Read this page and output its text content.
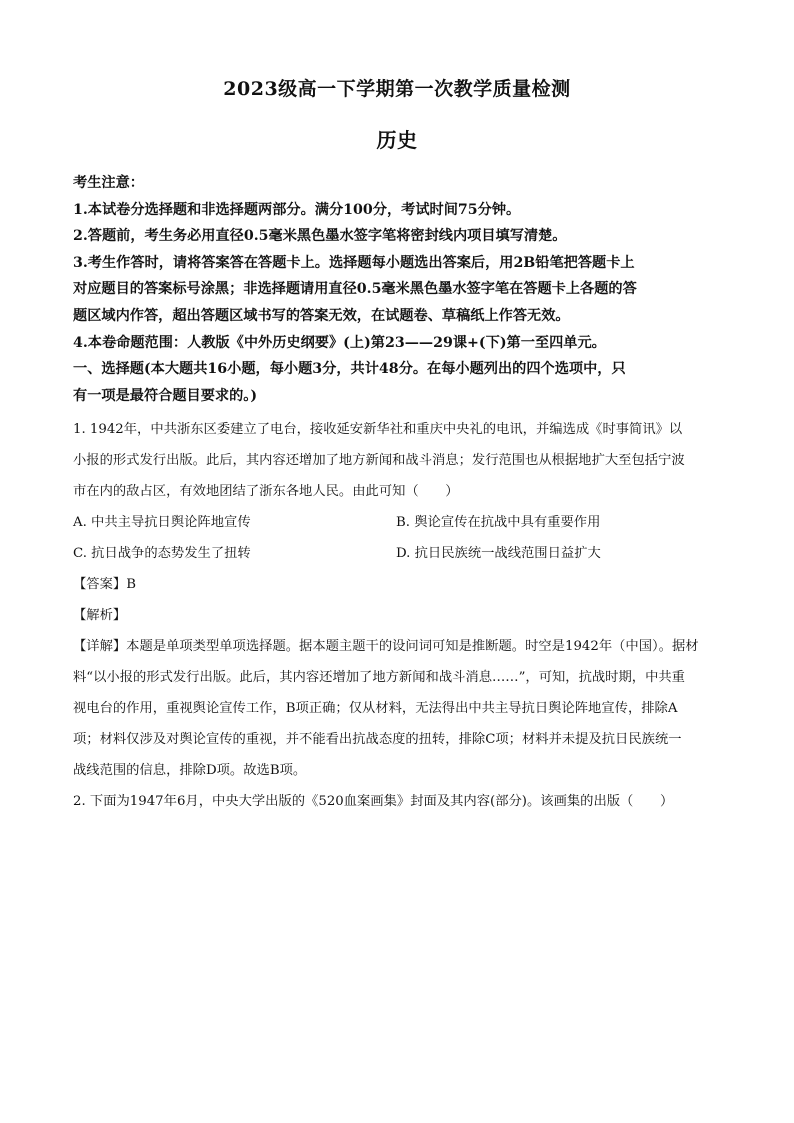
2023级高一下学期第一次教学质量检测
历史

考生注意：

1.本试卷分选择题和非选择题两部分。满分100分，考试时间75分钟。

2.答题前，考生务必用直径0.5毫米黑色墨水签字笔将密封线内项目填写清楚。

3.考生作答时，请将答案答在答题卡上。选择题每小题选出答案后，用2B铅笔把答题卡上

对应题目的答案标号涂黑；非选择题请用直径0.5毫米黑色墨水签字笔在答题卡上各题的答

题区域内作答，超出答题区域书写的答案无效，在试题卷、草稿纸上作答无效。

4.本卷命题范围：人教版《中外历史纲要》(上)第23——29课+(下)第一至四单元。

一、选择题(本大题共16小题，每小题3分，共计48分。在每小题列出的四个选项中，只

有一项是最符合题目要求的。)

1. 1942年，中共浙东区委建立了电台，接收延安新华社和重庆中央礼的电讯，并编选成《时事简讯》以

小报的形式发行出版。此后，其内容还增加了地方新闻和战斗消息；发行范围也从根据地扩大至包括宁波

市在内的敌占区，有效地团结了浙东各地人民。由此可知（　　）

A. 中共主导抗日舆论阵地宣传	B. 舆论宣传在抗战中具有重要作用
C. 抗日战争的态势发生了扭转	D. 抗日民族统一战线范围日益扩大

【答案】B

【解析】

【详解】本题是单项类型单项选择题。据本题主题干的设问词可知是推断题。时空是1942年（中国）。据材

料“以小报的形式发行出版。此后，其内容还增加了地方新闻和战斗消息……”，可知，抗战时期，中共重

视电台的作用，重视舆论宣传工作，B项正确；仅从材料，无法得出中共主导抗日舆论阵地宣传，排除A

项；材料仅涉及对舆论宣传的重视，并不能看出抗战态度的扭转，排除C项；材料并未提及抗日民族统一

战线范围的信息，排除D项。故选B项。

2. 下面为1947年6月，中央大学出版的《520血案画集》封面及其内容(部分)。该画集的出版（　　）
